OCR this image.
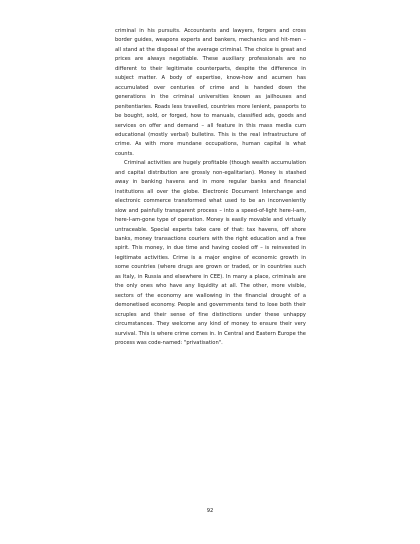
criminal in his pursuits. Accountants and lawyers, forgers and cross border guides, weapons experts and bankers, mechanics and hit-men – all stand at the disposal of the average criminal. The choice is great and prices are always negotiable. These auxiliary professionals are no different to their legitimate counterparts, despite the difference in subject matter. A body of expertise, know-how and acumen has accumulated over centuries of crime and is handed down the generations in the criminal universities known as jailhouses and penitentiaries. Roads less travelled, countries more lenient, passports to be bought, sold, or forged, how to manuals, classified ads, goods and services on offer and demand – all feature in this mass media cum educational (mostly verbal) bulletins. This is the real infrastructure of crime. As with more mundane occupations, human capital is what counts.

Criminal activities are hugely profitable (though wealth accumulation and capital distribution are grossly non-egalitarian). Money is stashed away in banking havens and in more regular banks and financial institutions all over the globe. Electronic Document Interchange and electronic commerce transformed what used to be an inconveniently slow and painfully transparent process – into a speed-of-light here-I-am, here-I-am-gone type of operation. Money is easily movable and virtually untraceable. Special experts take care of that: tax havens, off shore banks, money transactions couriers with the right education and a free spirit. This money, in due time and having cooled off – is reinvested in legitimate activities. Crime is a major engine of economic growth in some countries (where drugs are grown or traded, or in countries such as Italy, in Russia and elsewhere in CEE). In many a place, criminals are the only ones who have any liquidity at all. The other, more visible, sectors of the economy are wallowing in the financial drought of a demonetised economy. People and governments tend to lose both their scruples and their sense of fine distinctions under these unhappy circumstances. They welcome any kind of money to ensure their very survival. This is where crime comes in. In Central and Eastern Europe the process was code-named: "privatisation".

92
